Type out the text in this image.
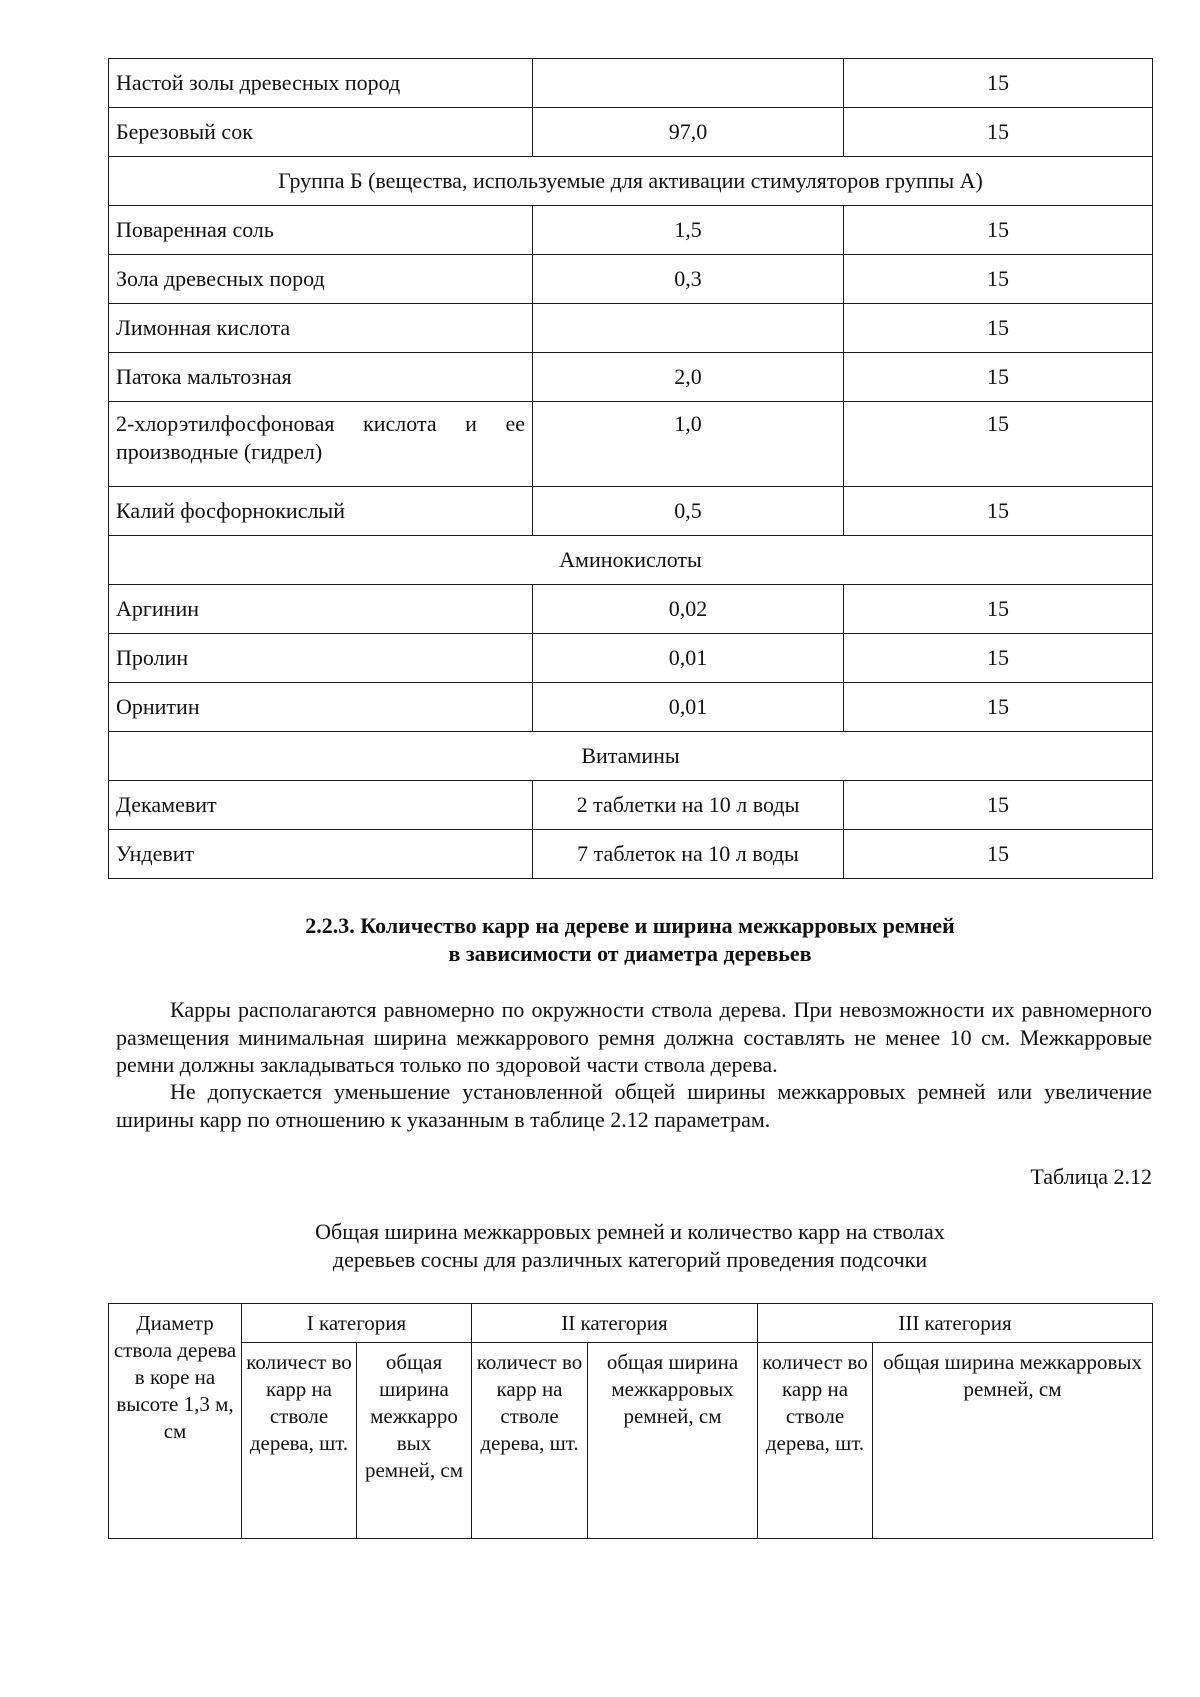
Настой золы древесных пород		15
Березовый сок	97,0	15
Группа Б (вещества, используемые для активации стимуляторов группы А)		
Поваренная соль	1,5	15
Зола древесных пород	0,3	15
Лимонная кислота		15
Патока мальтозная	2,0	15
2-хлорэтилфосфоновая кислота и ее производные (гидрел)	1,0	15
Калий фосфорнокислый	0,5	15
Аминокислоты		
Аргинин	0,02	15
Пролин	0,01	15
Орнитин	0,01	15
Витамины		
Декамевит	2 таблетки на 10 л воды	15
Ундевит	7 таблеток на 10 л воды	15
2.2.3. Количество карр на дереве и ширина межкарровых ремней
в зависимости от диаметра деревьев
Карры располагаются равномерно по окружности ствола дерева. При невозможности их равномерного размещения минимальная ширина межкаррового ремня должна составлять не менее 10 см. Межкарровые ремни должны закладываться только по здоровой части ствола дерева.
Не допускается уменьшение установленной общей ширины межкарровых ремней или увеличение ширины карр по отношению к указанным в таблице 2.12 параметрам.
Таблица 2.12
Общая ширина межкарровых ремней и количество карр на стволах
деревьев сосны для различных категорий проведения подсочки
Диаметр ствола дерева в коре на высоте 1,3 м, см	I категория		II категория		III категория	
	количест во карр на стволе дерева, шт.	общая ширина межкарро вых ремней, см	количест во карр на стволе дерева, шт.	общая ширина межкарровых ремней, см	количест во карр на стволе дерева, шт.	общая ширина межкарровых ремней, см
